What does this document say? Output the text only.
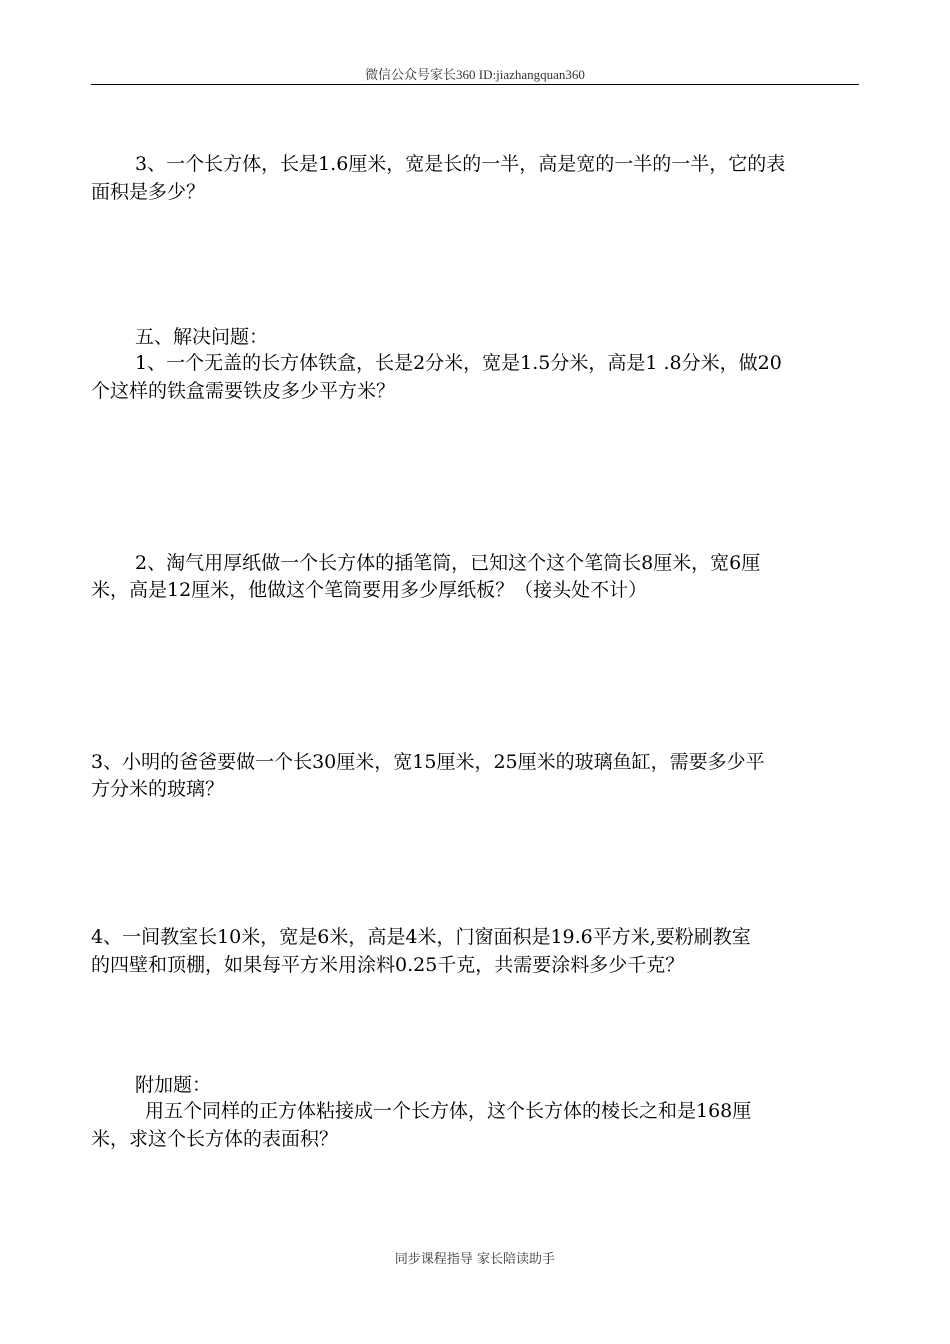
微信公众号家长360 ID:jiazhangquan360
3、一个长方体，长是1.6厘米，宽是长的一半，高是宽的一半的一半，它的表
面积是多少？
五、解决问题：
1、一个无盖的长方体铁盒，长是2分米，宽是1.5分米，高是1 .8分米，做20
个这样的铁盒需要铁皮多少平方米？
2、淘气用厚纸做一个长方体的插笔筒，已知这个这个笔筒长8厘米，宽6厘
米，高是12厘米，他做这个笔筒要用多少厚纸板？（接头处不计）
3、小明的爸爸要做一个长30厘米，宽15厘米，25厘米的玻璃鱼缸，需要多少平
方分米的玻璃？
4、一间教室长10米，宽是6米，高是4米，门窗面积是19.6平方米,要粉刷教室
的四壁和顶棚，如果每平方米用涂料0.25千克，共需要涂料多少千克？
附加题：
用五个同样的正方体粘接成一个长方体，这个长方体的棱长之和是168厘
米，求这个长方体的表面积？
同步课程指导 家长陪读助手
